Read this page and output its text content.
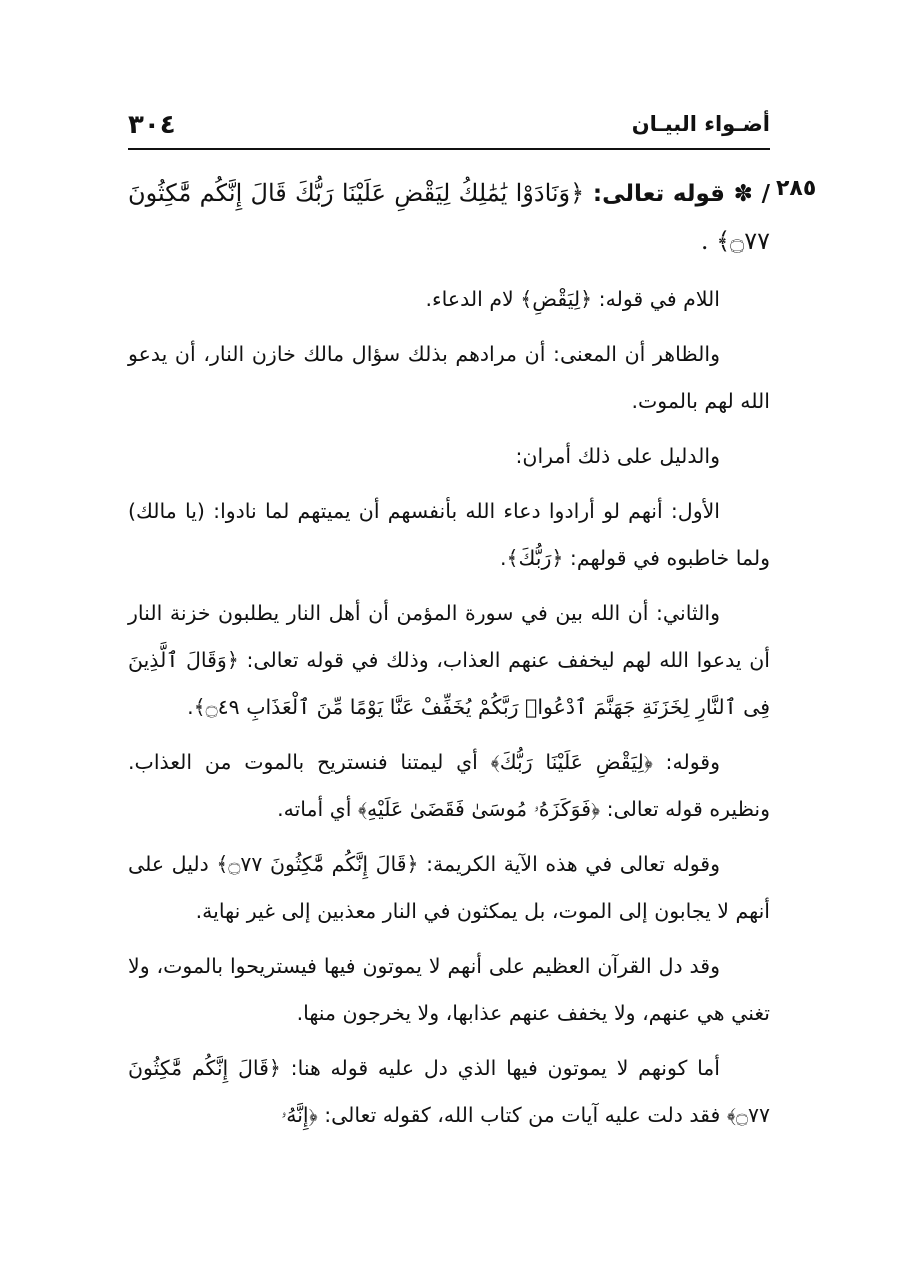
٣٠٤	أضـواء البيـان
٢٨٥

/ ✽ قوله تعالى: ﴿وَنَادَوْا يَٰمَٰلِكُ لِيَقْضِ عَلَيْنَا رَبُّكَ قَالَ إِنَّكُم مَّٰكِثُونَ ۝٧٧﴾ .

اللام في قوله: ﴿لِيَقْضِ﴾ لام الدعاء.

والظاهر أن المعنى: أن مرادهم بذلك سؤال مالك خازن النار، أن يدعو الله لهم بالموت.

والدليل على ذلك أمران:

الأول: أنهم لو أرادوا دعاء الله بأنفسهم أن يميتهم لما نادوا: (يا مالك) ولما خاطبوه في قولهم: ﴿رَبُّكَ﴾.

والثاني: أن الله بين في سورة المؤمن أن أهل النار يطلبون خزنة النار أن يدعوا الله لهم ليخفف عنهم العذاب، وذلك في قوله تعالى: ﴿وَقَالَ ٱلَّذِينَ فِى ٱلنَّارِ لِخَزَنَةِ جَهَنَّمَ ٱدْعُوا۟ رَبَّكُمْ يُخَفِّفْ عَنَّا يَوْمًا مِّنَ ٱلْعَذَابِ ۝٤٩﴾.

وقوله: ﴿لِيَقْضِ عَلَيْنَا رَبُّكَ﴾ أي ليمتنا فنستريح بالموت من العذاب. ونظيره قوله تعالى: ﴿فَوَكَزَهُۥ مُوسَىٰ فَقَضَىٰ عَلَيْهِ﴾ أي أماته.

وقوله تعالى في هذه الآية الكريمة: ﴿قَالَ إِنَّكُم مَّٰكِثُونَ ۝٧٧﴾ دليل على أنهم لا يجابون إلى الموت، بل يمكثون في النار معذبين إلى غير نهاية.

وقد دل القرآن العظيم على أنهم لا يموتون فيها فيستريحوا بالموت، ولا تغني هي عنهم، ولا يخفف عنهم عذابها، ولا يخرجون منها.

أما كونهم لا يموتون فيها الذي دل عليه قوله هنا: ﴿قَالَ إِنَّكُم مَّٰكِثُونَ ۝٧٧﴾ فقد دلت عليه آيات من كتاب الله، كقوله تعالى: ﴿إِنَّهُۥ
